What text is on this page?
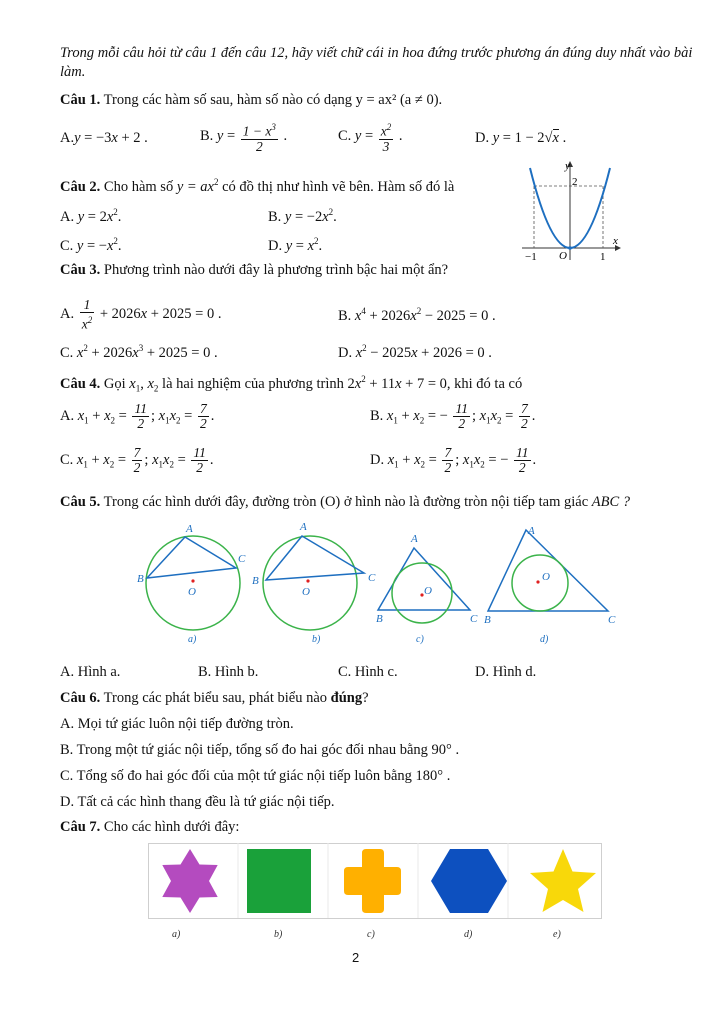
Trong mỗi câu hỏi từ câu 1 đến câu 12, hãy viết chữ cái in hoa đứng trước phương án đúng duy nhất vào bài làm.
Câu 1. Trong các hàm số sau, hàm số nào có dạng y = ax² (a ≠ 0).
A.y = −3x + 2 .	B. $y = \frac{1 - x^3}{2}$ .	C. $y = \frac{x^2}{3}$ .	D. y = 1 − 2√x .
Câu 2. Cho hàm số $y = ax^2$ có đồ thị như hình vẽ bên. Hàm số đó là
A. $y = 2x^2$.	B. $y = -2x^2$.
C. $y = -x^2$.	D. $y = x^2$.
y
x
2
−1 O	1
Câu 3. Phương trình nào dưới đây là phương trình bậc hai một ẩn?
A. $\frac{1}{x^2} + 2026x + 2025 = 0$ .	B. $x^4 + 2026x^2 - 2025 = 0$ .
C. $x^2 + 2026x^3 + 2025 = 0$ .	D. $x^2 - 2025x + 2026 = 0$ .
Câu 4. Gọi $x_1$, $x_2$ là hai nghiệm của phương trình $2x^2 + 11x + 7 = 0$, khi đó ta có
A. $x_1 + x_2 = \frac{11}{2}$ ; $x_1x_2 = \frac{7}{2}$ .	B. $x_1 + x_2$ = − $\frac{11}{2}$ ; $x_1x_2 = \frac{7}{2}$ .
C. $x_1 + x_2 = \frac{7}{2}$ ; $x_1x_2 = \frac{11}{2}$ .	D. $x_1 + x_2 = \frac{7}{2}$ ; $x_1x_2$ = − $\frac{11}{2}$ .
Câu 5. Trong các hình dưới đây, đường tròn (O) ở hình nào là đường tròn nội tiếp tam giác ABC ?
A
C
B
O
a)
A
C
B
O
b)
A
B	C
O
c)
A
B	C
O
d)
A. Hình a.	B. Hình b.	C. Hình c.	D. Hình d.
Câu 6. Trong các phát biểu sau, phát biểu nào đúng?
A. Mọi tứ giác luôn nội tiếp đường tròn.
B. Trong một tứ giác nội tiếp, tổng số đo hai góc đối nhau bằng 90° .
C. Tổng số đo hai góc đối của một tứ giác nội tiếp luôn bằng 180° .
D. Tất cả các hình thang đều là tứ giác nội tiếp.
Câu 7. Cho các hình dưới đây:
a)	b)	c)	d)	e)
2
